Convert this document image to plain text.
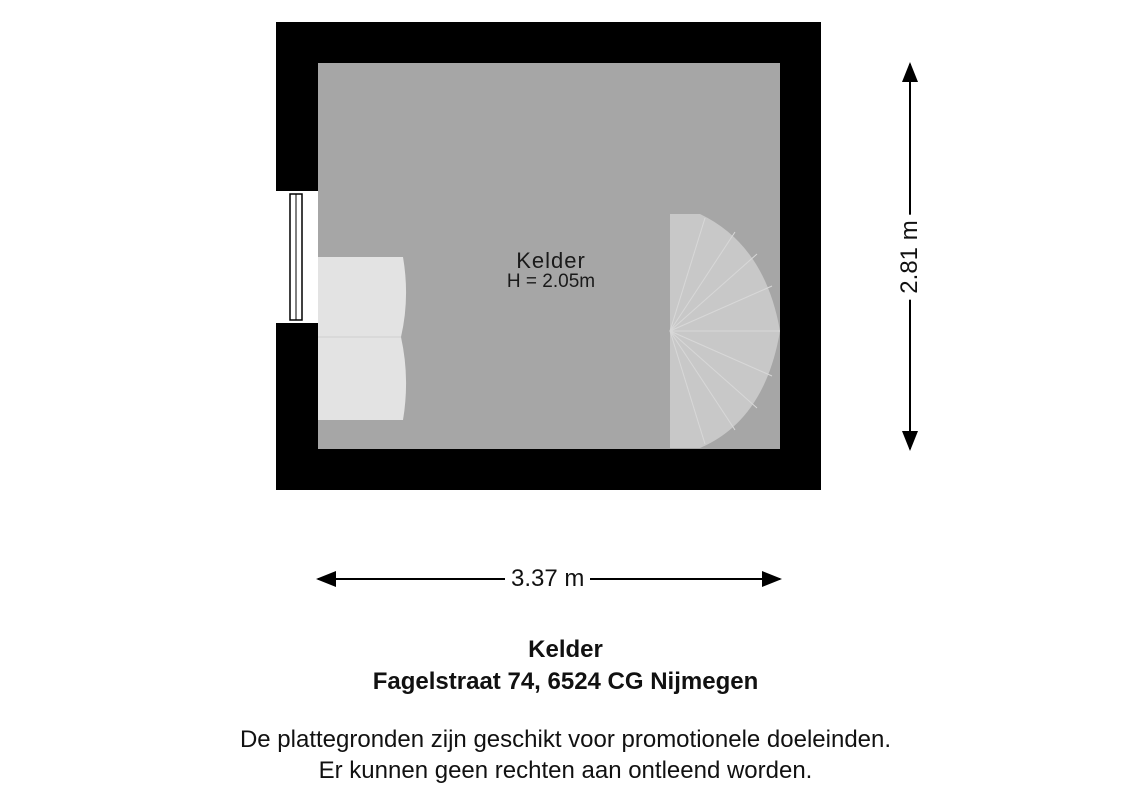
Kelder
H = 2.05m
3.37 m
2.81 m
Kelder
Fagelstraat 74, 6524 CG Nijmegen
De plattegronden zijn geschikt voor promotionele doeleinden.
Er kunnen geen rechten aan ontleend worden.
